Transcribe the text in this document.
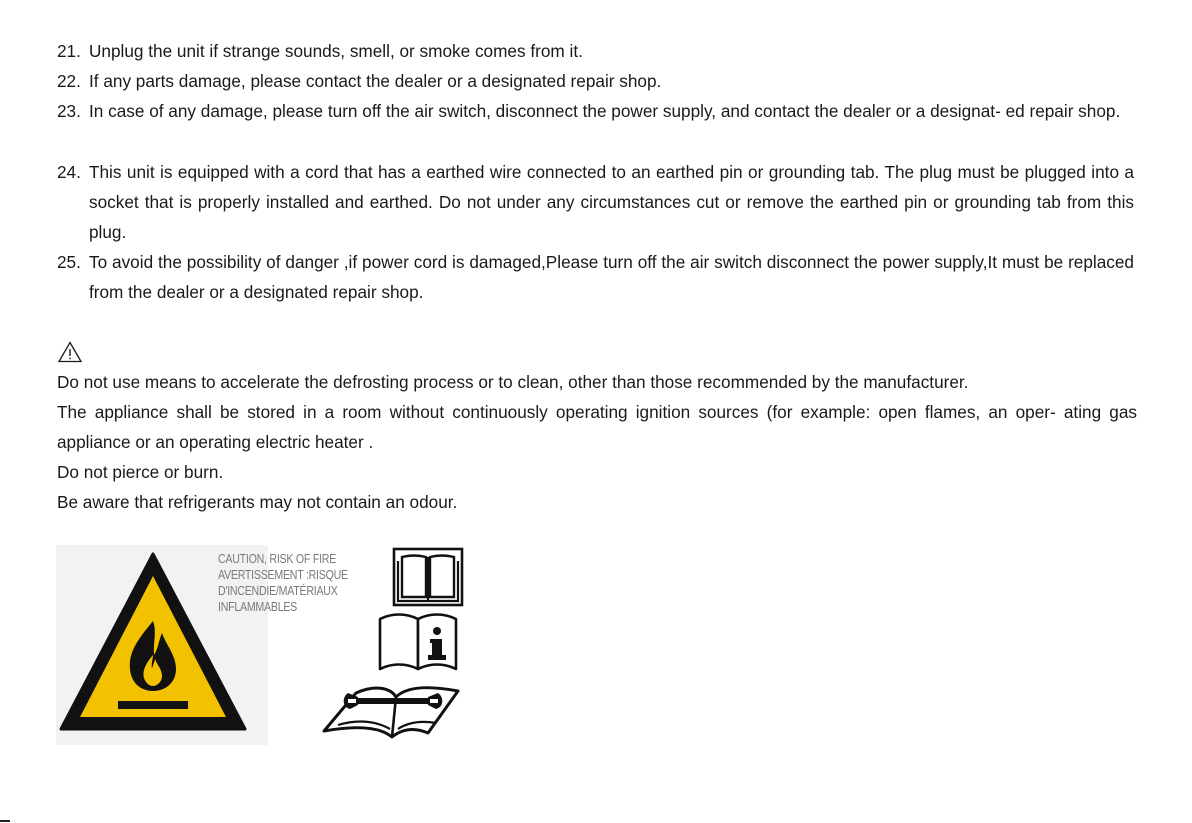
21. Unplug the unit if strange sounds, smell, or smoke comes from it.
22. If any parts damage, please contact the dealer or a designated repair shop.
23. In case of any damage, please turn off the air switch, disconnect the power supply, and contact the dealer or a designat- ed repair shop.
24. This unit is equipped with a cord that has a earthed wire connected to an earthed pin or grounding tab. The plug must be plugged into a socket that is properly installed and earthed. Do not under any circumstances cut or remove the earthed pin or grounding tab from this plug.
25. To avoid the possibility of danger ,if power cord is damaged,Please turn off the air switch disconnect the power supply,It must be replaced from the dealer or a designated repair shop.
Do not use means to accelerate the defrosting process or to clean, other than those recommended by the manufacturer.
The appliance shall be stored in a room without continuously operating ignition sources (for example: open flames, an oper- ating gas appliance or an operating electric heater .
Do not pierce or burn.
Be aware that refrigerants may not contain an odour.
CAUTION, RISK OF FIRE
AVERTISSEMENT :RISQUE
D'INCENDIE/MATÉRIAUX
INFLAMMABLES
